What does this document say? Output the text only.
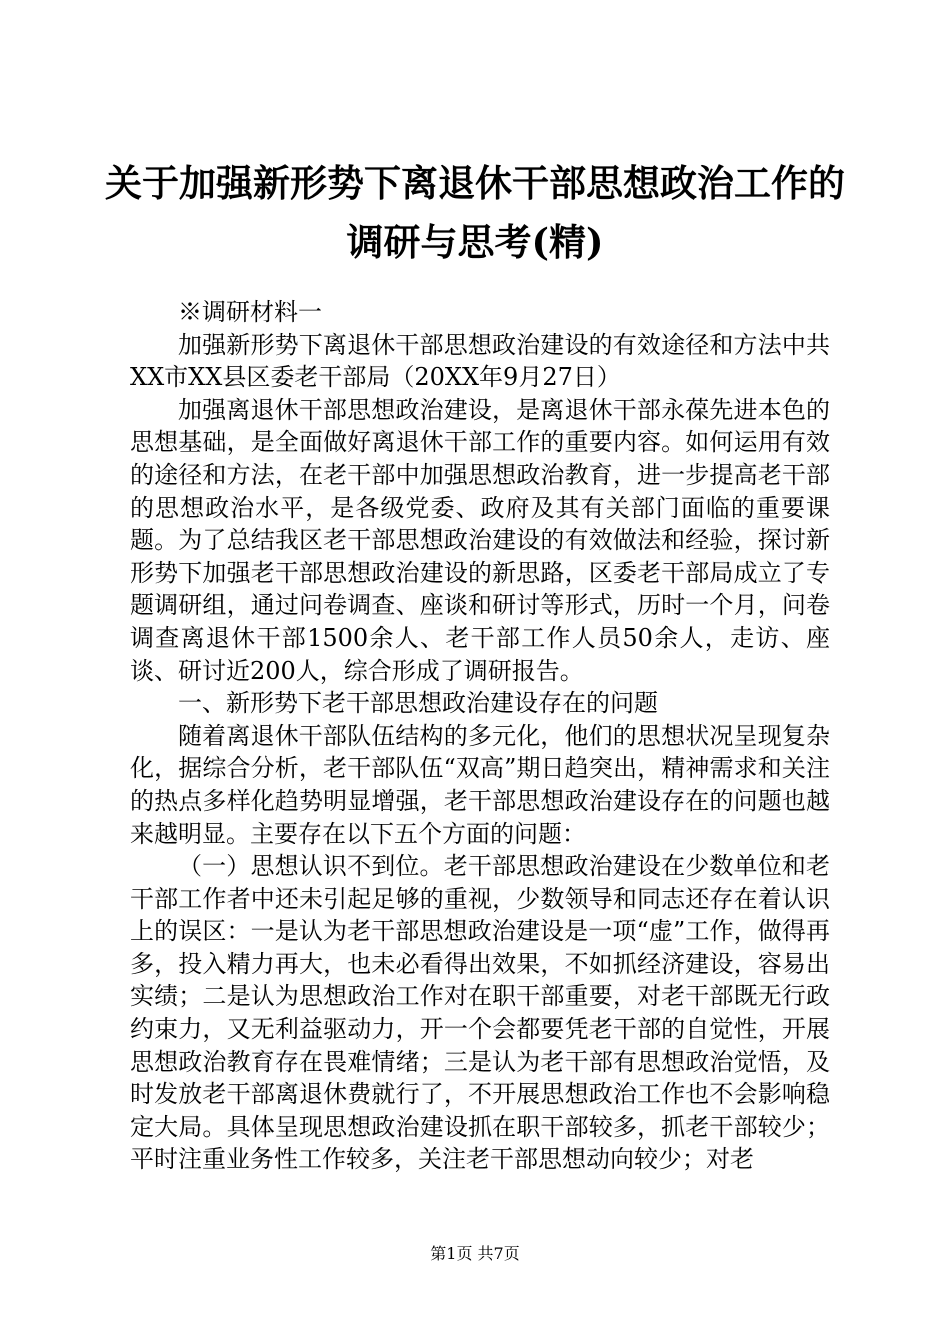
关于加强新形势下离退休干部思想政治工作的
调研与思考(精)

※调研材料一

加强新形势下离退休干部思想政治建设的有效途径和方法中共XX市XX县区委老干部局（20XX年9月27日）

加强离退休干部思想政治建设，是离退休干部永葆先进本色的思想基础，是全面做好离退休干部工作的重要内容。如何运用有效的途径和方法，在老干部中加强思想政治教育，进一步提高老干部的思想政治水平，是各级党委、政府及其有关部门面临的重要课题。为了总结我区老干部思想政治建设的有效做法和经验，探讨新形势下加强老干部思想政治建设的新思路，区委老干部局成立了专题调研组，通过问卷调查、座谈和研讨等形式，历时一个月，问卷调查离退休干部1500余人、老干部工作人员50余人，走访、座谈、研讨近200人，综合形成了调研报告。

一、新形势下老干部思想政治建设存在的问题

随着离退休干部队伍结构的多元化，他们的思想状况呈现复杂化，据综合分析，老干部队伍“双高”期日趋突出，精神需求和关注的热点多样化趋势明显增强，老干部思想政治建设存在的问题也越来越明显。主要存在以下五个方面的问题：

（一）思想认识不到位。老干部思想政治建设在少数单位和老干部工作者中还未引起足够的重视，少数领导和同志还存在着认识上的误区：一是认为老干部思想政治建设是一项“虚”工作，做得再多，投入精力再大，也未必看得出效果，不如抓经济建设，容易出实绩；二是认为思想政治工作对在职干部重要，对老干部既无行政约束力，又无利益驱动力，开一个会都要凭老干部的自觉性，开展思想政治教育存在畏难情绪；三是认为老干部有思想政治觉悟，及时发放老干部离退休费就行了，不开展思想政治工作也不会影响稳定大局。具体呈现思想政治建设抓在职干部较多，抓老干部较少；平时注重业务性工作较多，关注老干部思想动向较少；对老

第1页 共7页
